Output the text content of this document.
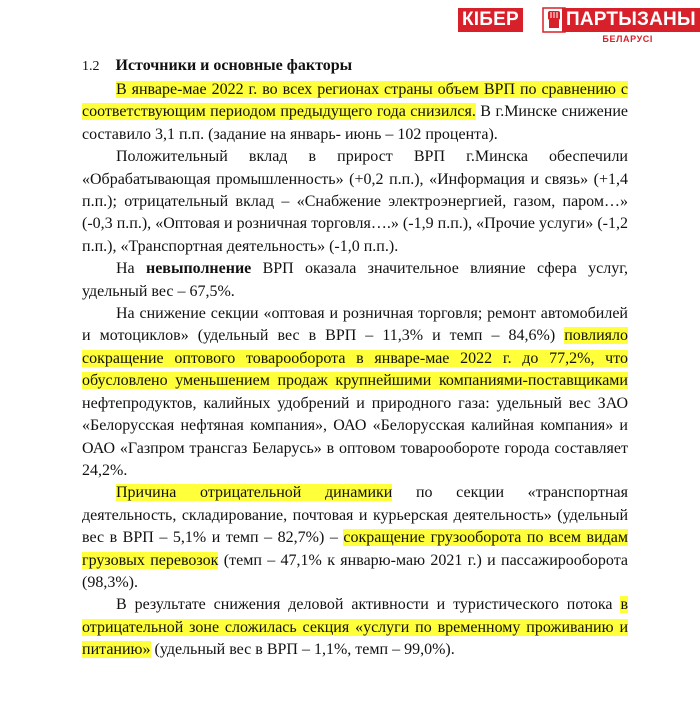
КІБЕР ПАРТЫЗАНЫ
БЕЛАРУСІ
1.2 Источники и основные факторы

В январе-мае 2022 г. во всех регионах страны объем ВРП по сравнению с соответствующим периодом предыдущего года снизился. В г.Минске снижение составило 3,1 п.п. (задание на январь- июнь – 102 процента).

Положительный вклад в прирост ВРП г.Минска обеспечили «Обрабатывающая промышленность» (+0,2 п.п.), «Информация и связь» (+1,4 п.п.); отрицательный вклад – «Снабжение электроэнергией, газом, паром…» (-0,3 п.п.), «Оптовая и розничная торговля….» (-1,9 п.п.), «Прочие услуги» (-1,2 п.п.), «Транспортная деятельность» (-1,0 п.п.).

На невыполнение ВРП оказала значительное влияние сфера услуг, удельный вес – 67,5%.

На снижение секции «оптовая и розничная торговля; ремонт автомобилей и мотоциклов» (удельный вес в ВРП – 11,3% и темп – 84,6%) повлияло сокращение оптового товарооборота в январе-мае 2022 г. до 77,2%, что обусловлено уменьшением продаж крупнейшими компаниями-поставщиками нефтепродуктов, калийных удобрений и природного газа: удельный вес ЗАО «Белорусская нефтяная компания», ОАО «Белорусская калийная компания» и ОАО «Газпром трансгаз Беларусь» в оптовом товарообороте города составляет 24,2%.

Причина отрицательной динамики по секции «транспортная деятельность, складирование, почтовая и курьерская деятельность» (удельный вес в ВРП – 5,1% и темп – 82,7%) – сокращение грузооборота по всем видам грузовых перевозок (темп – 47,1% к январю-маю 2021 г.) и пассажирооборота (98,3%).

В результате снижения деловой активности и туристического потока в отрицательной зоне сложилась секция «услуги по временному проживанию и питанию» (удельный вес в ВРП – 1,1%, темп – 99,0%).
